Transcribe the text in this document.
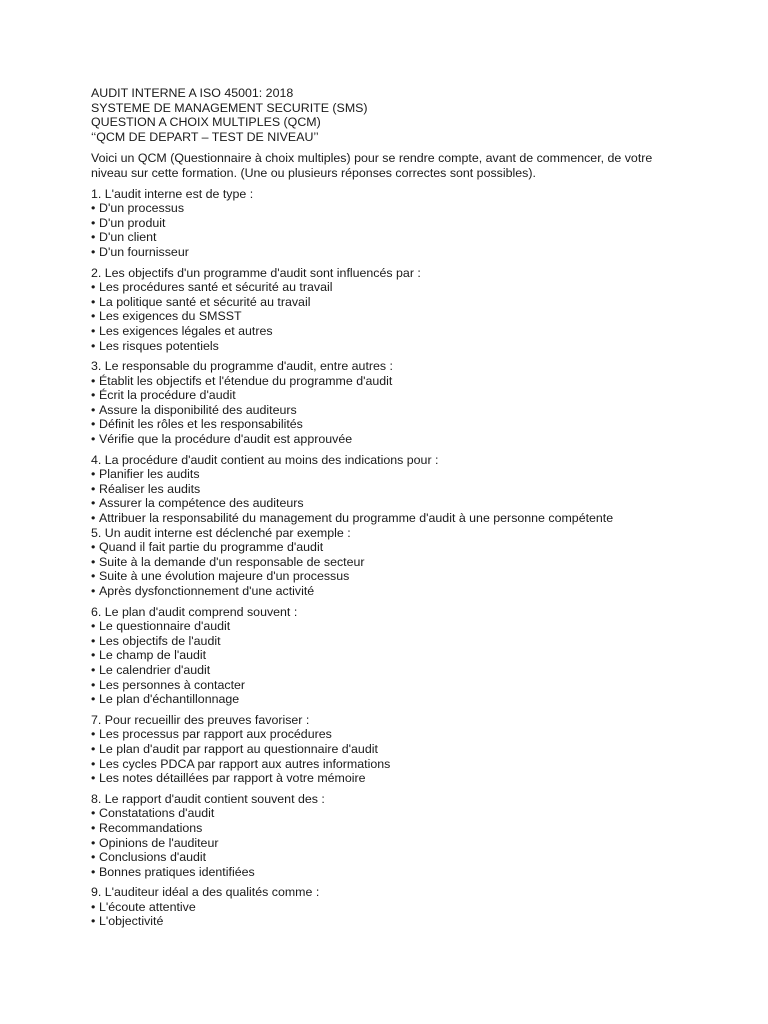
AUDIT INTERNE A ISO 45001: 2018
SYSTEME DE MANAGEMENT SECURITE (SMS)
QUESTION A CHOIX MULTIPLES (QCM)
‘‘QCM DE DEPART – TEST DE NIVEAU’’
Voici un QCM (Questionnaire à choix multiples) pour se rendre compte, avant de commencer, de votre niveau sur cette formation. (Une ou plusieurs réponses correctes sont possibles).
1. L'audit interne est de type :
• D'un processus
• D'un produit
• D'un client
• D'un fournisseur
2. Les objectifs d'un programme d'audit sont influencés par :
• Les procédures santé et sécurité au travail
• La politique santé et sécurité au travail
• Les exigences du SMSST
• Les exigences légales et autres
• Les risques potentiels
3. Le responsable du programme d'audit, entre autres :
• Établit les objectifs et l'étendue du programme d'audit
• Écrit la procédure d'audit
• Assure la disponibilité des auditeurs
• Définit les rôles et les responsabilités
• Vérifie que la procédure d'audit est approuvée
4. La procédure d'audit contient au moins des indications pour :
• Planifier les audits
• Réaliser les audits
• Assurer la compétence des auditeurs
• Attribuer la responsabilité du management du programme d'audit à une personne compétente
5. Un audit interne est déclenché par exemple :
• Quand il fait partie du programme d'audit
• Suite à la demande d'un responsable de secteur
• Suite à une évolution majeure d'un processus
• Après dysfonctionnement d'une activité
6. Le plan d'audit comprend souvent :
• Le questionnaire d'audit
• Les objectifs de l'audit
• Le champ de l'audit
• Le calendrier d'audit
• Les personnes à contacter
• Le plan d'échantillonnage
7. Pour recueillir des preuves favoriser :
• Les processus par rapport aux procédures
• Le plan d'audit par rapport au questionnaire d'audit
• Les cycles PDCA par rapport aux autres informations
• Les notes détaillées par rapport à votre mémoire
8. Le rapport d'audit contient souvent des :
• Constatations d'audit
• Recommandations
• Opinions de l'auditeur
• Conclusions d'audit
• Bonnes pratiques identifiées
9. L'auditeur idéal a des qualités comme :
• L'écoute attentive
• L'objectivité
